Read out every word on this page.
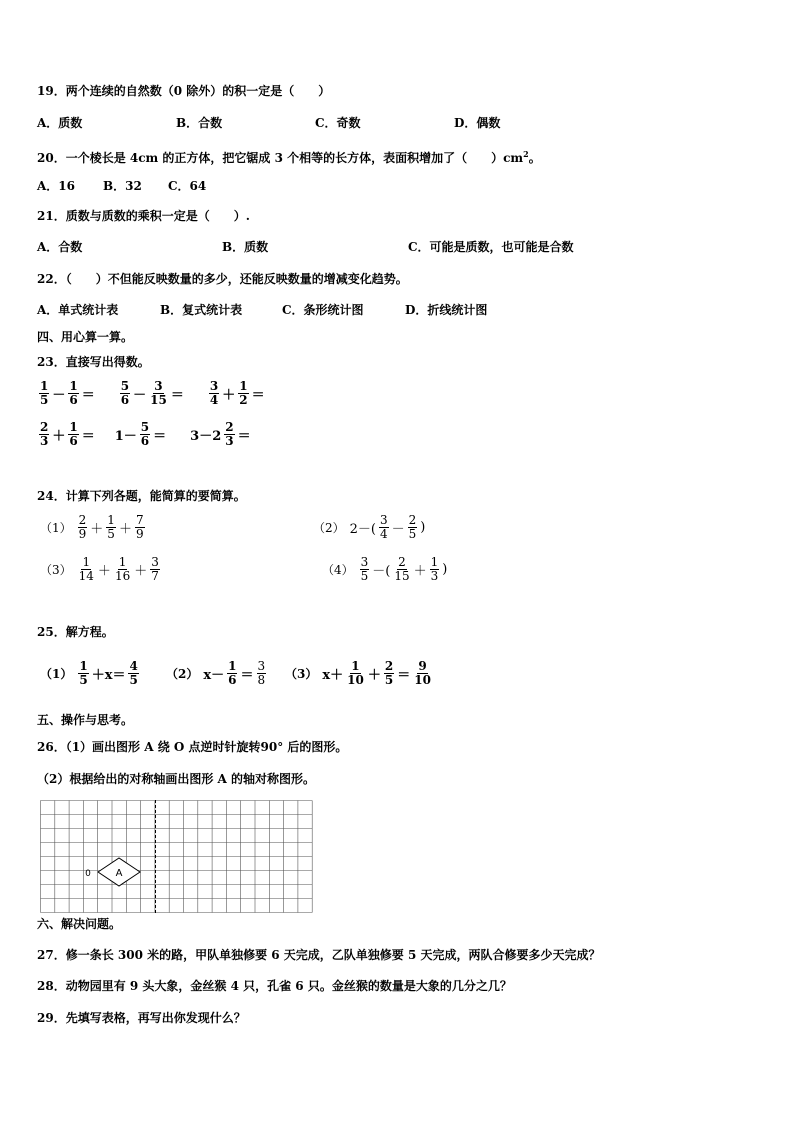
19．两个连续的自然数（0 除外）的积一定是（　　）
A．质数	B．合数	C．奇数	D．偶数
20．一个棱长是 4cm 的正方体，把它锯成 3 个相等的长方体，表面积增加了（　　）$cm^2$。
A．16 B．32 C．64
21．质数与质数的乘积一定是（　　）.
A．合数	B．质数	C．可能是质数，也可能是合数
22．（　　）不但能反映数量的多少，还能反映数量的增减变化趋势。
A．单式统计表	B．复式统计表	C．条形统计图	D．折线统计图
四、用心算一算。
23．直接写出得数。
1
5 －
1
6 ＝
5
6 －
3
15 ＝
3
4 ＋
1
2 ＝
2
3 ＋
1
6 ＝ 1－
5
6 ＝ 3－2
2
3 ＝
24．计算下列各题，能简算的要简算。
（1）
2
9 ＋
1
5 ＋
7
9	（2） 2－(
3
4 －
2
5 )
（3）
1
14 ＋
1
16 ＋
3
7	（4）
3
5 －(
2
15 ＋
1
3 )
25．解方程。
（1）
1
5 ＋x＝
4
5 （2） x－
1
6 ＝
3
8 （3） x＋
1
10 ＋
2
5 ＝
9
10
五、操作与思考。
26．（1）画出图形 A 绕 O 点逆时针旋转90° 后的图形。
（2）根据给出的对称轴画出图形 A 的轴对称图形。
A
0
六、解决问题。
27．修一条长 300 米的路，甲队单独修要 6 天完成，乙队单独修要 5 天完成，两队合修要多少天完成？
28．动物园里有 9 头大象，金丝猴 4 只，孔雀 6 只。金丝猴的数量是大象的几分之几？
29．先填写表格，再写出你发现什么？
